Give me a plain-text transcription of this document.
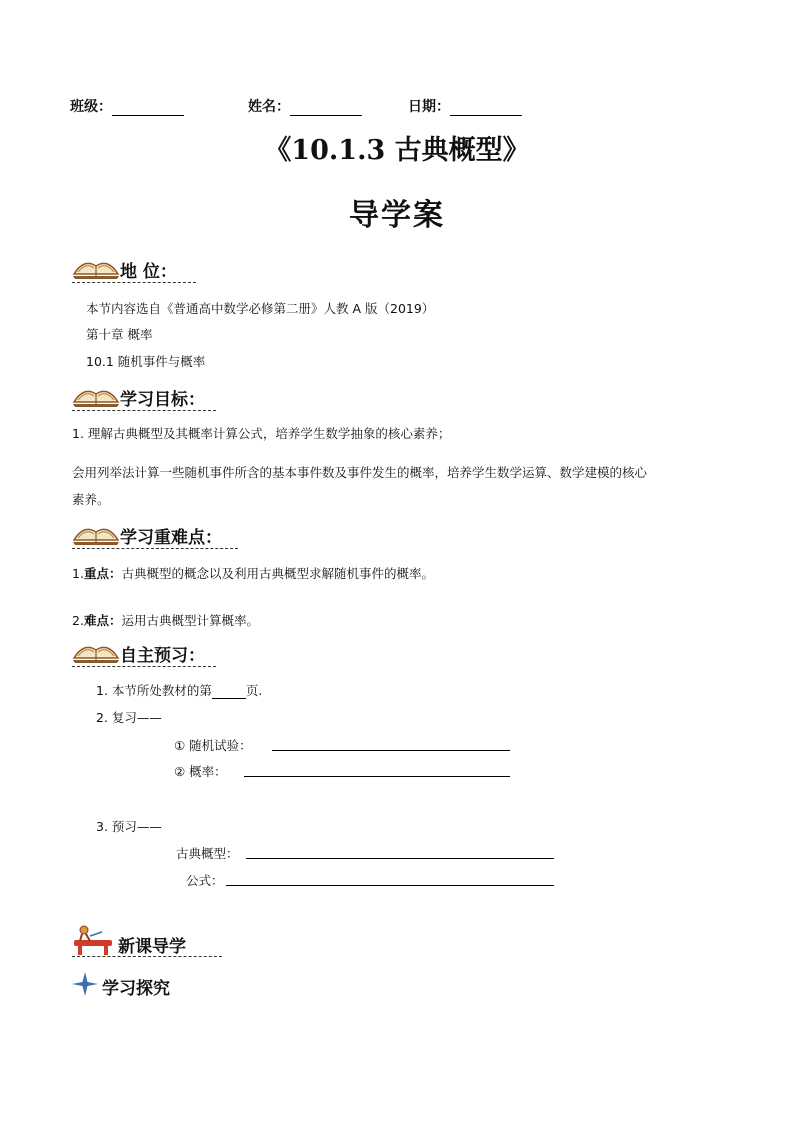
班级：	姓名：	日期：
《10.1.3 古典概型》
导学案
地 位：
本节内容选自《普通高中数学必修第二册》人教 A 版（2019）
第十章 概率
10.1 随机事件与概率
学习目标：
1. 理解古典概型及其概率计算公式，培养学生数学抽象的核心素养；
会用列举法计算一些随机事件所含的基本事件数及事件发生的概率，培养学生数学运算、数学建模的核心
素养。
学习重难点：
1.重点：古典概型的概念以及利用古典概型求解随机事件的概率。
2.难点：运用古典概型计算概率。
自主预习：
1. 本节所处教材的第	页.
2. 复习——
① 随机试验：
② 概率：
3. 预习——
古典概型：
公式：
新课导学
学习探究
